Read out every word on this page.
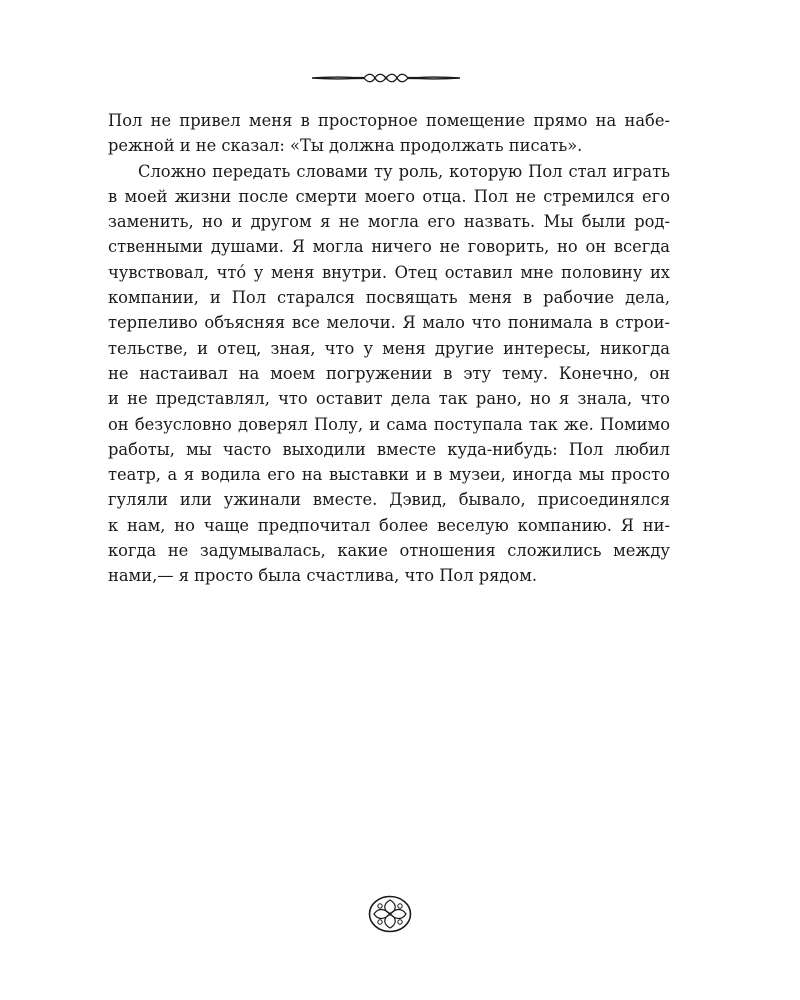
Пол не привел меня в просторное помещение прямо на набе-
режной и не сказал: «Ты должна продолжать писать».
Сложно передать словами ту роль, которую Пол стал играть
в моей жизни после смерти моего отца. Пол не стремился его
заменить, но и другом я не могла его назвать. Мы были род-
ственными душами. Я могла ничего не говорить, но он всегда
чувствовал, чтó у меня внутри. Отец оставил мне половину их
компании, и Пол старался посвящать меня в рабочие дела,
терпеливо объясняя все мелочи. Я мало что понимала в строи-
тельстве, и отец, зная, что у меня другие интересы, никогда
не настаивал на моем погружении в эту тему. Конечно, он
и не представлял, что оставит дела так рано, но я знала, что
он безусловно доверял Полу, и сама поступала так же. Помимо
работы, мы часто выходили вместе куда-нибудь: Пол любил
театр, а я водила его на выставки и в музеи, иногда мы просто
гуляли или ужинали вместе. Дэвид, бывало, присоединялся
к нам, но чаще предпочитал более веселую компанию. Я ни-
когда не задумывалась, какие отношения сложились между
нами,— я просто была счастлива, что Пол рядом.
